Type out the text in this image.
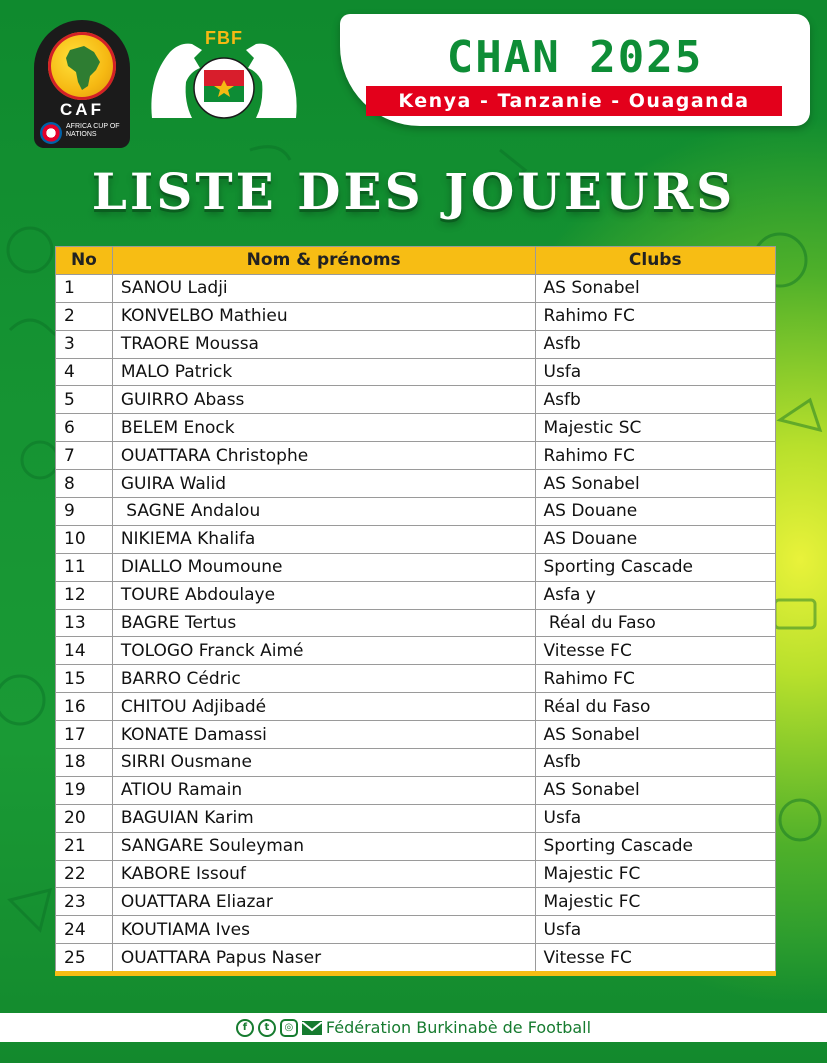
CAF
AFRICA CUP OF NATIONS
FBF	CHAN 2025
Kenya - Tanzanie - Ouaganda
LISTE DES JOUEURS
No	Nom & prénoms	Clubs
1	SANOU Ladji	AS Sonabel
2	KONVELBO Mathieu	Rahimo FC
3	TRAORE Moussa	Asfb
4	MALO Patrick	Usfa
5	GUIRRO Abass	Asfb
6	BELEM Enock	Majestic SC
7	OUATTARA Christophe	Rahimo FC
8	GUIRA Walid	AS Sonabel
9	SAGNE Andalou	AS Douane
10	NIKIEMA Khalifa	AS Douane
11	DIALLO Moumoune	Sporting Cascade
12	TOURE Abdoulaye	Asfa y
13	BAGRE Tertus	Réal du Faso
14	TOLOGO Franck Aimé	Vitesse FC
15	BARRO Cédric	Rahimo FC
16	CHITOU Adjibadé	Réal du Faso
17	KONATE Damassi	AS Sonabel
18	SIRRI Ousmane	Asfb
19	ATIOU Ramain	AS Sonabel
20	BAGUIAN Karim	Usfa
21	SANGARE Souleyman	Sporting Cascade
22	KABORE Issouf	Majestic FC
23	OUATTARA Eliazar	Majestic FC
24	KOUTIAMA Ives	Usfa
25	OUATTARA Papus Naser	Vitesse FC
f	t	◎ Fédération Burkinabè de Football
